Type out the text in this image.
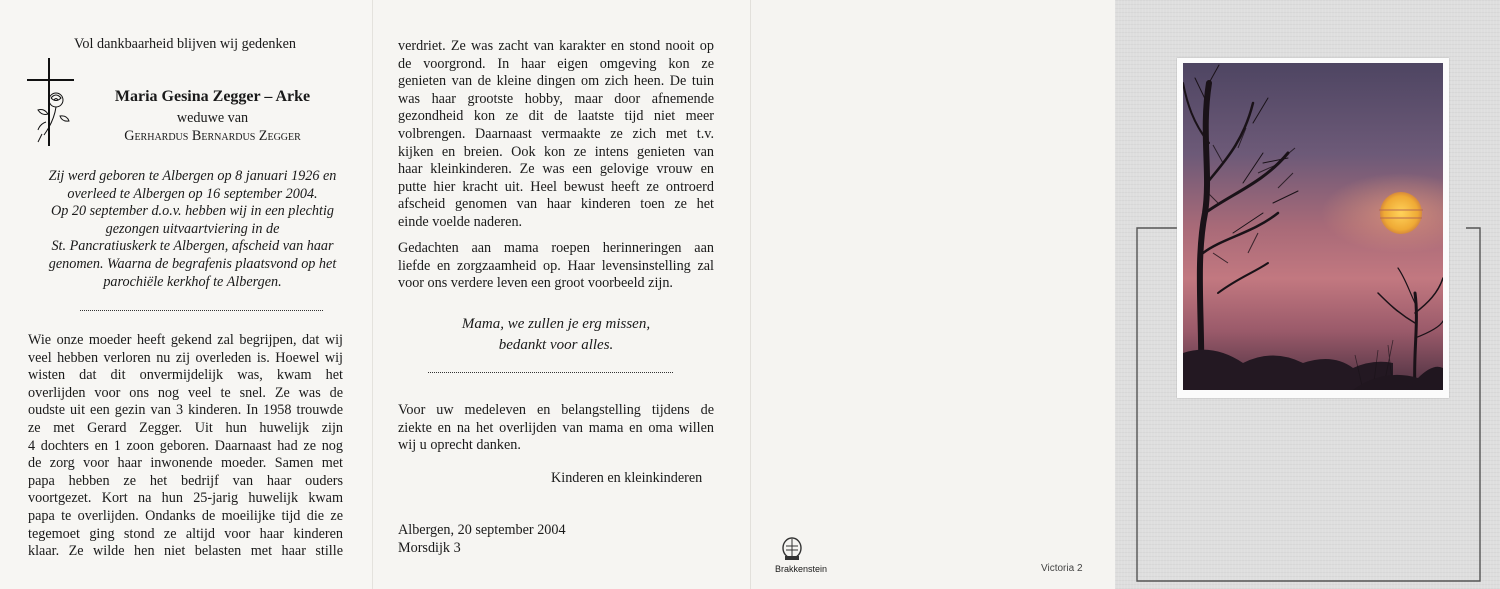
Vol dankbaarheid blijven wij gedenken
Maria Gesina Zegger – Arke
weduwe van
Gerhardus Bernardus Zegger
Zij werd geboren te Albergen op 8 januari 1926 en
overleed te Albergen op 16 september 2004.
Op 20 september d.o.v. hebben wij in een plechtig
gezongen uitvaartviering in de
St. Pancratiuskerk te Albergen, afscheid van haar
genomen. Waarna de begrafenis plaatsvond op het
parochiële kerkhof te Albergen.
Wie onze moeder heeft gekend zal begrijpen, dat wij
veel hebben verloren nu zij overleden is. Hoewel wij
wisten dat dit onvermijdelijk was, kwam het
overlijden voor ons nog veel te snel. Ze was de
oudste uit een gezin van 3 kinderen. In 1958 trouwde
ze met Gerard Zegger. Uit hun huwelijk zijn
4 dochters en 1 zoon geboren. Daarnaast had ze nog
de zorg voor haar inwonende moeder. Samen met
papa hebben ze het bedrijf van haar ouders
voortgezet. Kort na hun 25-jarig huwelijk kwam
papa te overlijden. Ondanks de moeilijke tijd die ze
tegemoet ging stond ze altijd voor haar kinderen
klaar. Ze wilde hen niet belasten met haar stille
verdriet. Ze was zacht van karakter en stond nooit op
de voorgrond. In haar eigen omgeving kon ze
genieten van de kleine dingen om zich heen. De tuin
was haar grootste hobby, maar door afnemende
gezondheid kon ze dit de laatste tijd niet meer
volbrengen. Daarnaast vermaakte ze zich met t.v.
kijken en breien. Ook kon ze intens genieten van
haar kleinkinderen. Ze was een gelovige vrouw en
putte hier kracht uit. Heel bewust heeft ze ontroerd
afscheid genomen van haar kinderen toen ze het
einde voelde naderen.
Gedachten aan mama roepen herinneringen aan
liefde en zorgzaamheid op. Haar levensinstelling zal
voor ons verdere leven een groot voorbeeld zijn.
Mama, we zullen je erg missen,
bedankt voor alles.
Voor uw medeleven en belangstelling tijdens de
ziekte en na het overlijden van mama en oma willen
wij u oprecht danken.
Kinderen en kleinkinderen
Albergen, 20 september 2004
Morsdijk 3
Brakkenstein	Victoria 2
